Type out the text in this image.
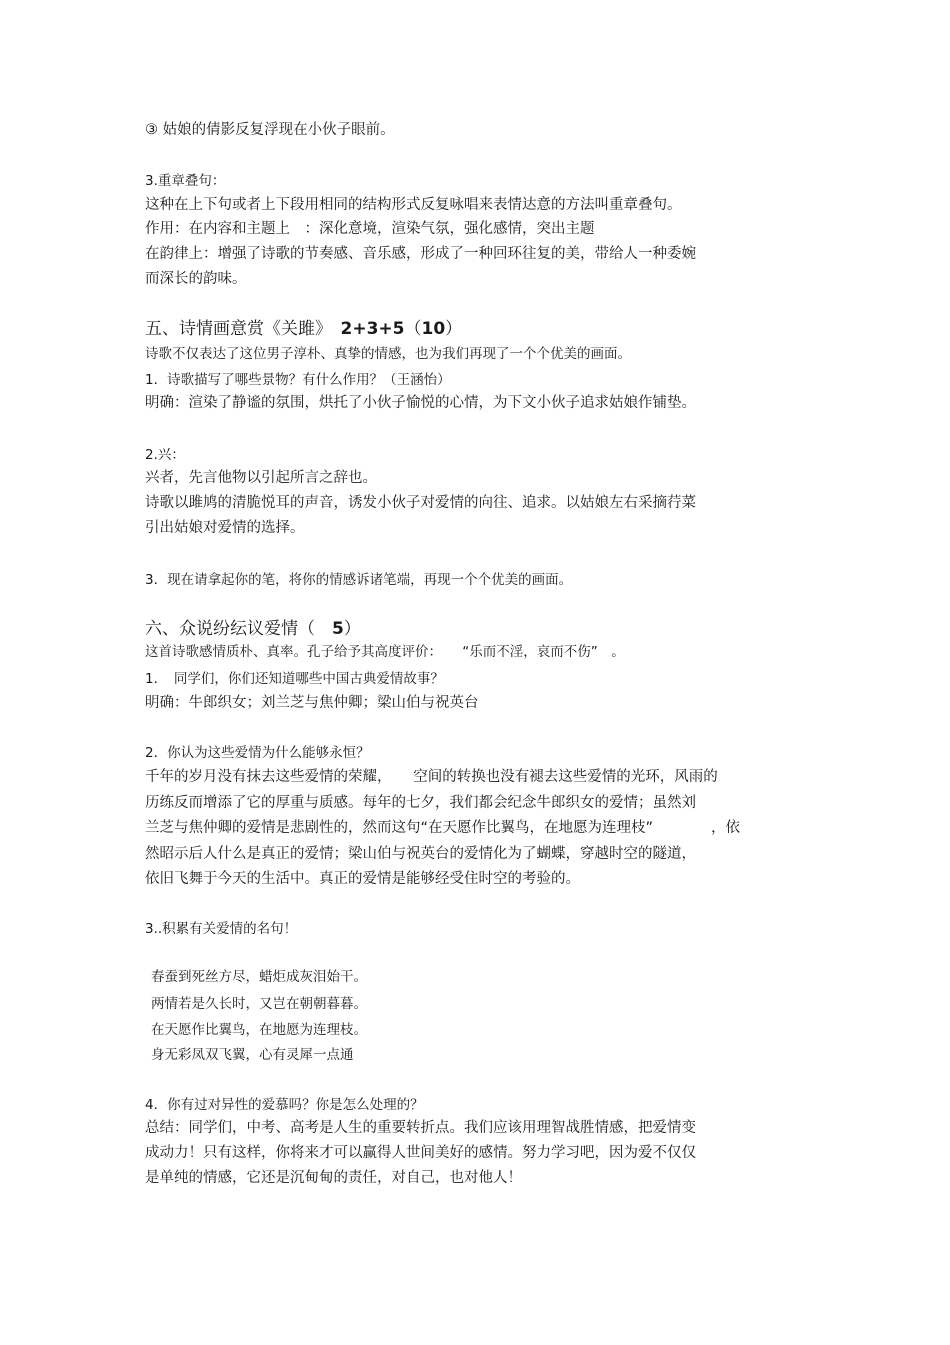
③ 姑娘的倩影反复浮现在小伙子眼前。
3.重章叠句：
这种在上下句或者上下段用相同的结构形式反复咏唱来表情达意的方法叫重章叠句。
作用：在内容和主题上　：深化意境，渲染气氛，强化感情，突出主题
在韵律上：增强了诗歌的节奏感、音乐感，形成了一种回环往复的美，带给人一种委婉
而深长的韵味。
五、诗情画意赏《关雎》　2+3+5（10）
诗歌不仅表达了这位男子淳朴、真挚的情感，也为我们再现了一个个优美的画面。
1．诗歌描写了哪些景物？有什么作用？（王涵怡）
明确：渲染了静谧的氛围，烘托了小伙子愉悦的心情，为下文小伙子追求姑娘作铺垫。
2.兴：
兴者，先言他物以引起所言之辞也。
诗歌以雎鸠的清脆悦耳的声音，诱发小伙子对爱情的向往、追求。以姑娘左右采摘荇菜
引出姑娘对爱情的选择。
3．现在请拿起你的笔，将你的情感诉诸笔端，再现一个个优美的画面。
六、众说纷纭议爱情（　5）
这首诗歌感情质朴、真率。孔子给予其高度评价：　　“乐而不淫，哀而不伤”　。
1．　同学们，你们还知道哪些中国古典爱情故事？
明确：牛郎织女；刘兰芝与焦仲卿；梁山伯与祝英台
2．你认为这些爱情为什么能够永恒？
千年的岁月没有抹去这些爱情的荣耀，　　空间的转换也没有褪去这些爱情的光环，风雨的
历练反而增添了它的厚重与质感。每年的七夕，我们都会纪念牛郎织女的爱情；虽然刘
兰芝与焦仲卿的爱情是悲剧性的，然而这句“在天愿作比翼鸟，在地愿为连理枝”　　　　，依
然昭示后人什么是真正的爱情；梁山伯与祝英台的爱情化为了蝴蝶，穿越时空的隧道，
依旧飞舞于今天的生活中。真正的爱情是能够经受住时空的考验的。
3..积累有关爱情的名句！
春蚕到死丝方尽，蜡炬成灰泪始干。
两情若是久长时，又岂在朝朝暮暮。
在天愿作比翼鸟，在地愿为连理枝。
身无彩凤双飞翼，心有灵犀一点通
4．你有过对异性的爱慕吗？你是怎么处理的？
总结：同学们，中考、高考是人生的重要转折点。我们应该用理智战胜情感，把爱情变
成动力！只有这样，你将来才可以赢得人世间美好的感情。努力学习吧，因为爱不仅仅
是单纯的情感，它还是沉甸甸的责任，对自己，也对他人！
